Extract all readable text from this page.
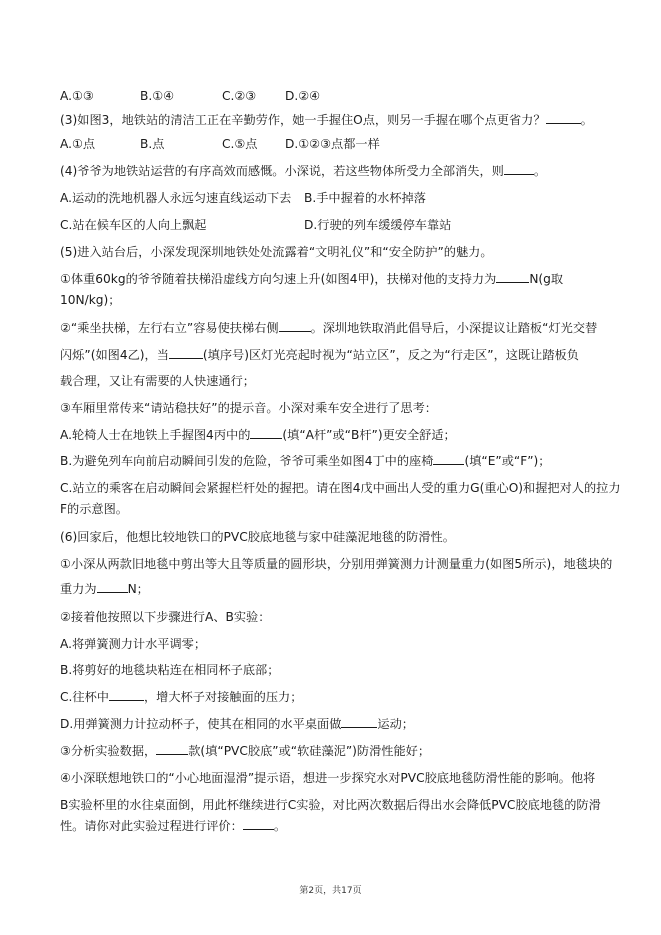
A.①③
(3)如图3，地铁站的清洁工正在辛勤劳作，她一手握住O点，则另一手握在哪个点更省力？	。
A.①点
(4)爷爷为地铁站运营的有序高效而感慨。小深说，若这些物体所受力全部消失，则 。
A.运动的洗地机器人永远匀速直线运动下去
C.站在候车区的人向上飘起
(5)进入站台后，小深发现深圳地铁处处流露着“文明礼仪”和“安全防护”的魅力。
①体重60kg的爷爷随着扶梯沿虚线方向匀速上升(如图4甲)，扶梯对他的支持力为	N(g取
10N/kg)；
②“乘坐扶梯，左行右立”容易使扶梯右侧	。深圳地铁取消此倡导后，小深提议让踏板“灯光交替
闪烁”(如图4乙)，当	(填序号)区灯光亮起时视为“站立区”，反之为“行走区”，这既让踏板负
载合理，又让有需要的人快速通行；
③车厢里常传来“请站稳扶好”的提示音。小深对乘车安全进行了思考：
A.轮椅人士在地铁上手握图4丙中的	(填“A杆”或“B杆”)更安全舒适；
B.为避免列车向前启动瞬间引发的危险，爷爷可乘坐如图4丁中的座椅	(填“E”或“F”)；
C.站立的乘客在启动瞬间会紧握栏杆处的握把。请在图4戊中画出人受的重力G(重心O)和握把对人的拉力
F的示意图。
(6)回家后，他想比较地铁口的PVC胶底地毯与家中硅藻泥地毯的防滑性。
①小深从两款旧地毯中剪出等大且等质量的圆形块，分别用弹簧测力计测量重力(如图5所示)，地毯块的
重力为	N；
②接着他按照以下步骤进行A、B实验：
A.将弹簧测力计水平调零；
B.将剪好的地毯块粘连在相同杯子底部；
C.往杯中	，增大杯子对接触面的压力；
D.用弹簧测力计拉动杯子，使其在相同的水平桌面做	运动；
③分析实验数据，	款(填“PVC胶底”或“软硅藻泥”)防滑性能好；
④小深联想地铁口的“小心地面湿滑”提示语，想进一步探究水对PVC胶底地毯防滑性能的影响。他将
B实验杯里的水往桌面倒，用此杯继续进行C实验，对比两次数据后得出水会降低PVC胶底地毯的防滑
性。请你对此实验过程进行评价：	。
B.①④	C.②③ D.②④
B.点	C.⑤点 D.①②③点都一样
B.手中握着的水杯掉落
D.行驶的列车缓缓停车靠站
第2页，共17页
